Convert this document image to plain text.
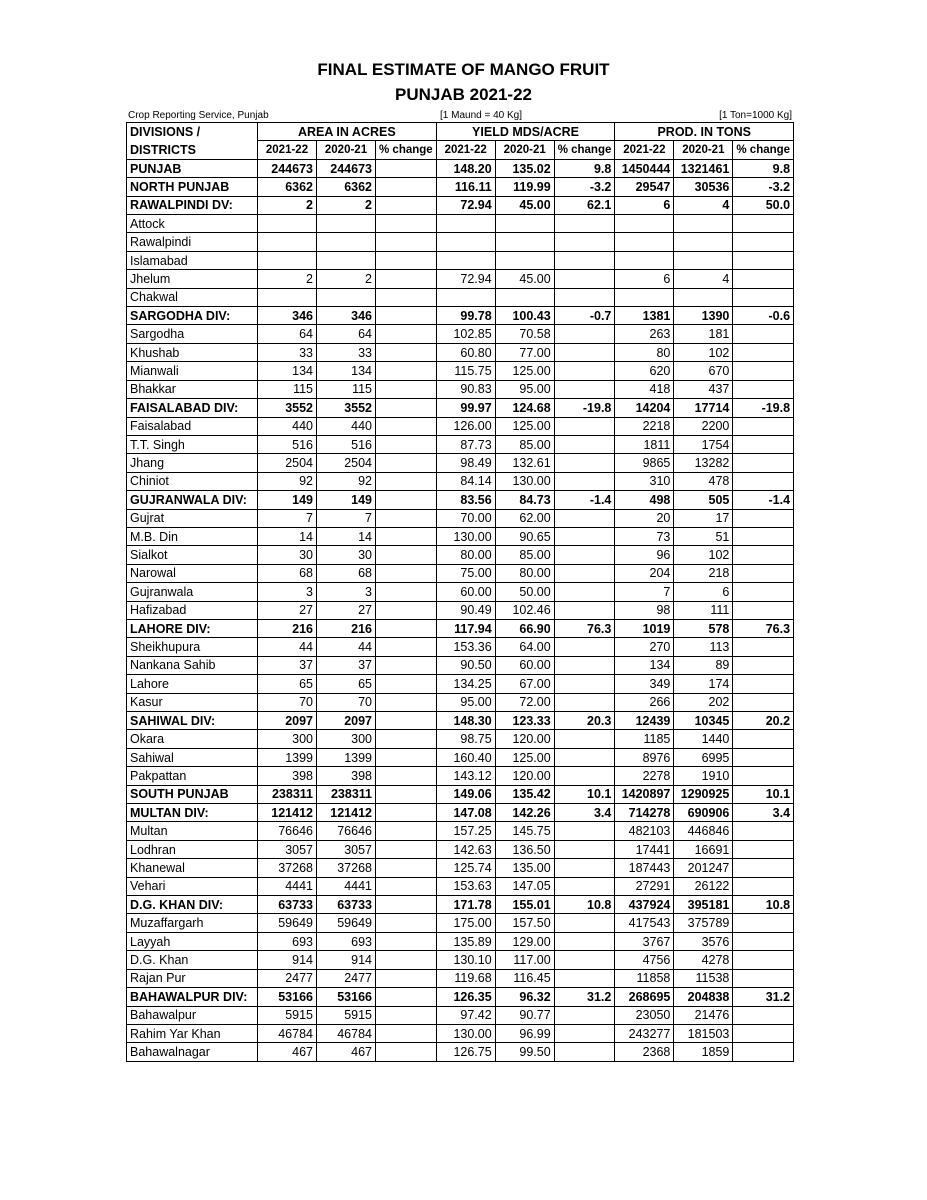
FINAL ESTIMATE OF MANGO FRUIT
PUNJAB 2021-22
Crop Reporting Service, Punjab	[1 Maund = 40 Kg]	[1 Ton=1000 Kg]
DIVISIONS /	AREA IN ACRES			YIELD MDS/ACRE			PROD. IN TONS		
DISTRICTS	2021-22	2020-21	% change	2021-22	2020-21	% change	2021-22	2020-21	% change
PUNJAB	244673	244673		148.20	135.02	9.8	1450444	1321461	9.8
NORTH PUNJAB	6362	6362		116.11	119.99	-3.2	29547	30536	-3.2
RAWALPINDI DV:	2	2		72.94	45.00	62.1	6	4	50.0
Attock									
Rawalpindi									
Islamabad									
Jhelum	2	2		72.94	45.00		6	4	
Chakwal									
SARGODHA DIV:	346	346		99.78	100.43	-0.7	1381	1390	-0.6
Sargodha	64	64		102.85	70.58		263	181	
Khushab	33	33		60.80	77.00		80	102	
Mianwali	134	134		115.75	125.00		620	670	
Bhakkar	115	115		90.83	95.00		418	437	
FAISALABAD DIV:	3552	3552		99.97	124.68	-19.8	14204	17714	-19.8
Faisalabad	440	440		126.00	125.00		2218	2200	
T.T. Singh	516	516		87.73	85.00		1811	1754	
Jhang	2504	2504		98.49	132.61		9865	13282	
Chiniot	92	92		84.14	130.00		310	478	
GUJRANWALA DIV:	149	149		83.56	84.73	-1.4	498	505	-1.4
Gujrat	7	7		70.00	62.00		20	17	
M.B. Din	14	14		130.00	90.65		73	51	
Sialkot	30	30		80.00	85.00		96	102	
Narowal	68	68		75.00	80.00		204	218	
Gujranwala	3	3		60.00	50.00		7	6	
Hafizabad	27	27		90.49	102.46		98	111	
LAHORE DIV:	216	216		117.94	66.90	76.3	1019	578	76.3
Sheikhupura	44	44		153.36	64.00		270	113	
Nankana Sahib	37	37		90.50	60.00		134	89	
Lahore	65	65		134.25	67.00		349	174	
Kasur	70	70		95.00	72.00		266	202	
SAHIWAL DIV:	2097	2097		148.30	123.33	20.3	12439	10345	20.2
Okara	300	300		98.75	120.00		1185	1440	
Sahiwal	1399	1399		160.40	125.00		8976	6995	
Pakpattan	398	398		143.12	120.00		2278	1910	
SOUTH PUNJAB	238311	238311		149.06	135.42	10.1	1420897	1290925	10.1
MULTAN DIV:	121412	121412		147.08	142.26	3.4	714278	690906	3.4
Multan	76646	76646		157.25	145.75		482103	446846	
Lodhran	3057	3057		142.63	136.50		17441	16691	
Khanewal	37268	37268		125.74	135.00		187443	201247	
Vehari	4441	4441		153.63	147.05		27291	26122	
D.G. KHAN DIV:	63733	63733		171.78	155.01	10.8	437924	395181	10.8
Muzaffargarh	59649	59649		175.00	157.50		417543	375789	
Layyah	693	693		135.89	129.00		3767	3576	
D.G. Khan	914	914		130.10	117.00		4756	4278	
Rajan Pur	2477	2477		119.68	116.45		11858	11538	
BAHAWALPUR DIV:	53166	53166		126.35	96.32	31.2	268695	204838	31.2
Bahawalpur	5915	5915		97.42	90.77		23050	21476	
Rahim Yar Khan	46784	46784		130.00	96.99		243277	181503	
Bahawalnagar	467	467		126.75	99.50		2368	1859	
